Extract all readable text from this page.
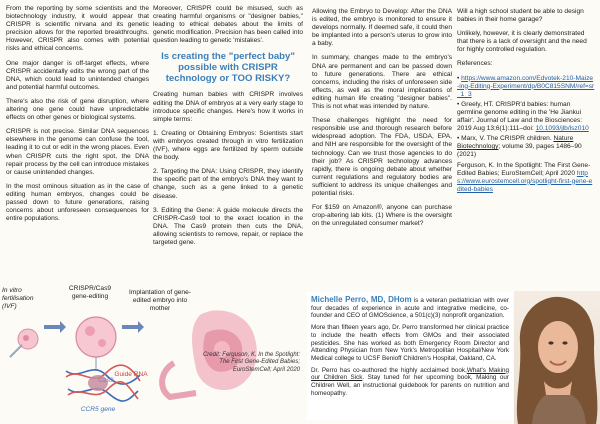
From the reporting by some scientists and the biotechnology industry, it would appear that CRISPR is scientific nirvana and its genetic precision allows for the reported breakthroughs. However, CRISPR also comes with potential risks and ethical concerns.

One major danger is off-target effects, where CRISPR accidentally edits the wrong part of the DNA, which could lead to unintended changes and potential harmful outcomes.

There's also the risk of gene disruption, where altering one gene could have unpredictable effects on other genes or biological systems.

CRISPR is not precise. Similar DNA sequences elsewhere in the genome can confuse the tool, leading it to cut or edit in the wrong places. Even when CRISPR cuts the right spot, the DNA repair process by the cell can introduce mistakes or cause unintended changes.

In the most ominous situation as in the case of editing human embryos, changes could be passed down to future generations, raising concerns about unforeseen consequences for entire populations.

Moreover, CRISPR could be misused, such as creating harmful organisms or "designer babies," leading to ethical debates about the limits of genetic modification. Precision has been called into question leading to genetic 'mistakes'.

Is creating the "perfect baby" possible with CRISPR technology or TOO RISKY?

Creating human babies with CRISPR involves editing the DNA of embryos at a very early stage to introduce specific changes. Here's how it works in simple terms:

1. Creating or Obtaining Embryos: Scientists start with embryos created through in vitro fertilization (IVF), where eggs are fertilized by sperm outside the body.

2. Targeting the DNA: Using CRISPR, they identify the specific part of the embryo's DNA they want to change, such as a gene linked to a genetic disease.

3. Editing the Gene: A guide molecule directs the CRISPR-Cas9 tool to the exact location in the DNA. The Cas9 protein then cuts the DNA, allowing scientists to remove, repair, or replace the targeted gene.

Allowing the Embryo to Develop: After the DNA is edited, the embryo is monitored to ensure it develops normally. If deemed safe, it could then be implanted into a person's uterus to grow into a baby.

In summary, changes made to the embryo's DNA are permanent and can be passed down to future generations. There are ethical concerns, including the risks of unforeseen side effects, as well as the moral implications of editing human life creating "designer babies". This is not what was intended by nature.

These challenges highlight the need for responsible use and thorough research before widespread adoption. The FDA, USDA, EPA, and NIH are responsible for the oversight of the technology. Can we trust those agencies to do their job? As CRISPR technology advances rapidly, there is ongoing debate about whether current regulations and regulatory bodies are sufficient to address its unique challenges and potential risks.

For $159 on Amazon®, anyone can purchase crop-altering lab kits. (1) Where is the oversight on the unregulated consumer market?

Will a high school student be able to design babies in their home garage?

Unlikely, however, it is clearly demonstrated that there is a lack of oversight and the need for highly controlled regulation.

References:

• https://www.amazon.com/Edvotek-210-Maize-ing-Editing-Experiment/dp/B0C815SNM/ref=sr_1_3

• Greely, HT. CRISPR'd babies: human germline genome editing in the 'He Jiankui affair'. Journal of Law and the Biosciences: 2019 Aug 13;6(1):111–doi: 10.1093/jlb/lsz010

• Marx, V. The CRISPR children. Nature Biotechnology; volume 39, pages 1486–90 (2021)

Ferguson, K. In the Spotlight: The First Gene-Edited Babies; EuroStemCell; April 2020 https://www.eurostemcell.org/spotlight-first-gene-edited-babies

In vitro fertilisation (IVF)
CRISPR/Cas9 gene-editing
Implantation of gene-edited embryo into mother
Cas9
Guide RNA
CCR5 gene
Credit: Ferguson, K. In the Spotlight: The First Gene-Edited Babies; EuroStemCell; April 2020

Michelle Perro, MD, DHom is a veteran pediatrician with over four decades of experience in acute and integrative medicine, co-founder and CEO of GMOScience, a 501(c)(3) nonprofit organization.

More than fifteen years ago, Dr. Perro transformed her clinical practice to include the health effects from GMOs and their associated pesticides. She has worked as both Emergency Room Director and Attending Physician from New York's Metropolitan Hospital/New York Medical college to UCSF Benioff Children's Hospital, Oakland, CA.

Dr. Perro has co-authored the highly acclaimed book,What's Making our Children Sick. Stay tuned for her upcoming book, Making our Children Well, an instructional guidebook for parents on nutrition and homeopathy.
